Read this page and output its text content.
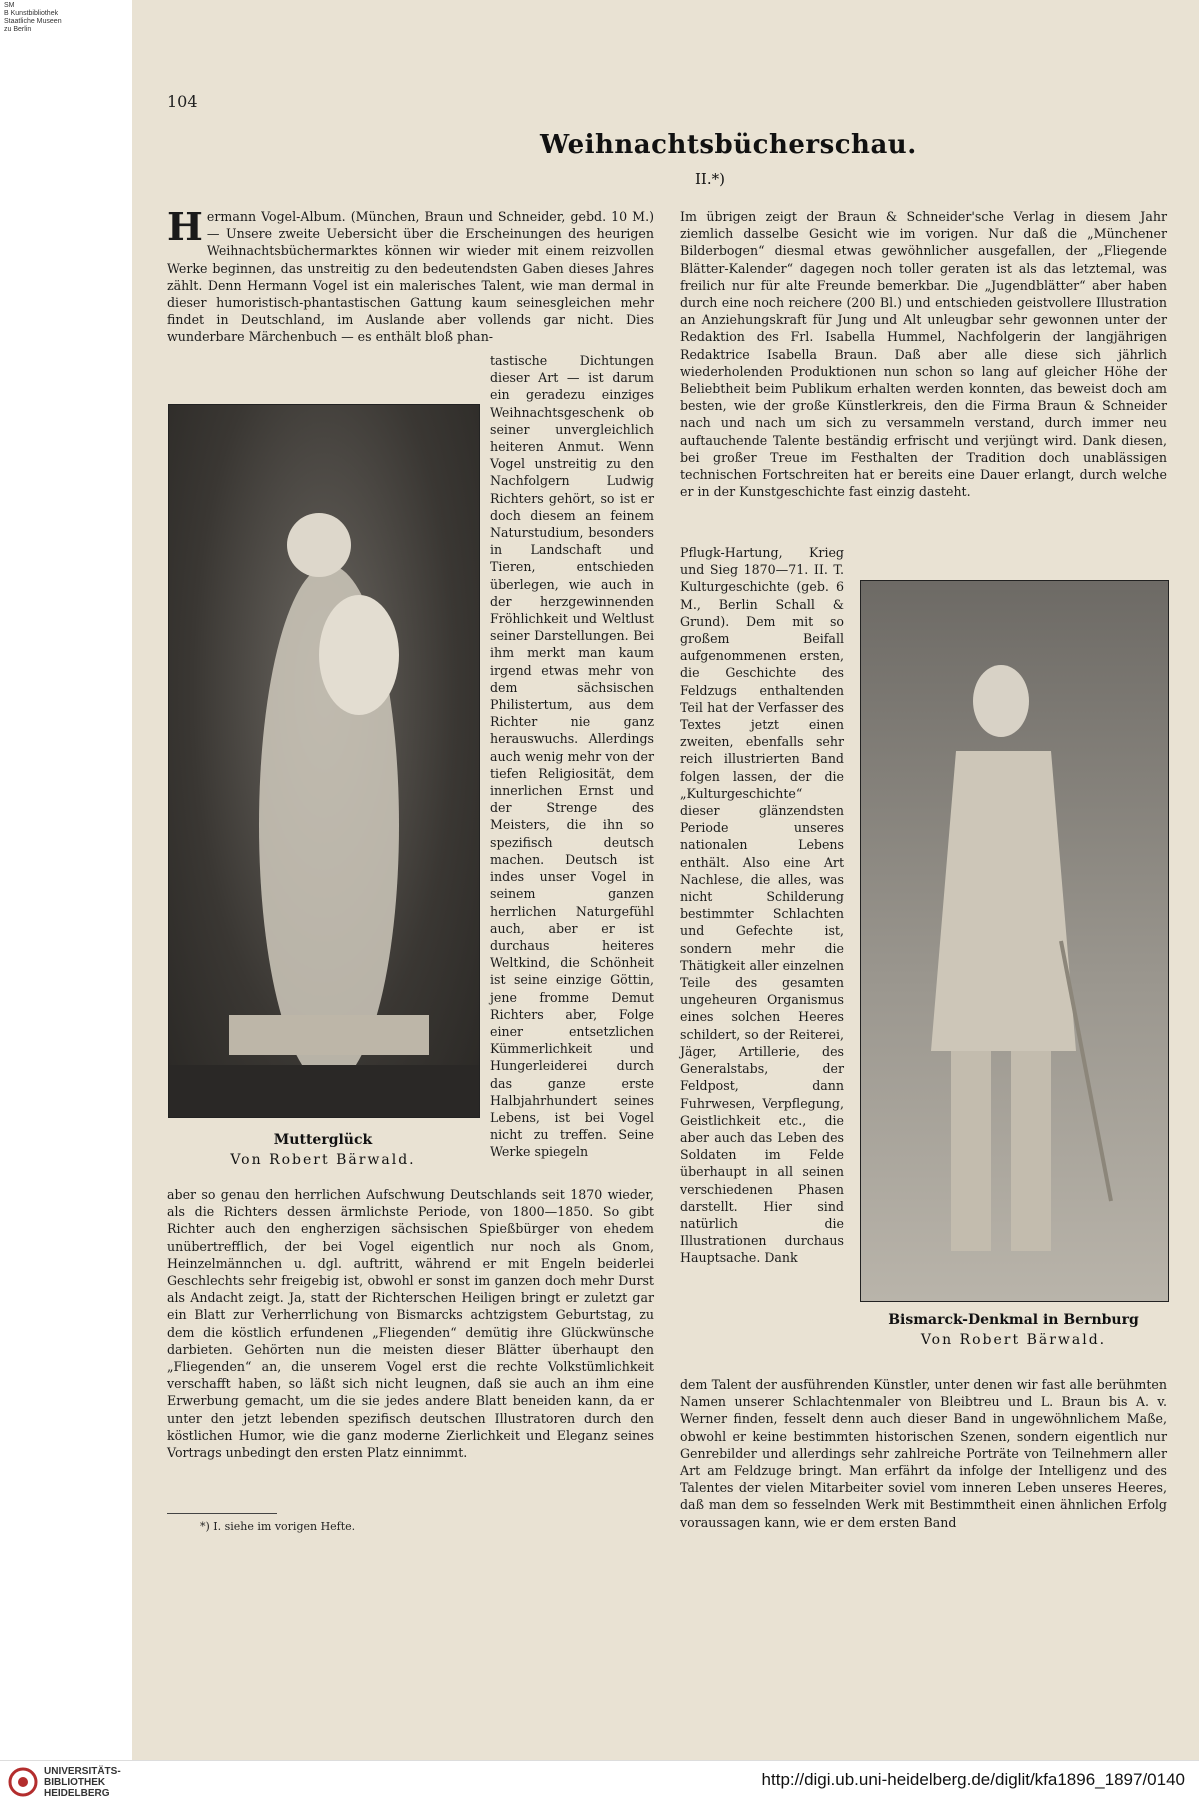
SM
B Kunstbibliothek
Staatliche Museen
zu Berlin
104
Weihnachtsbücherschau.
II.*)

Hermann Vogel-Album. (München, Braun und Schneider, gebd. 10 M.) — Unsere zweite Uebersicht über die Erscheinungen des heurigen Weihnachtsbüchermarktes können wir wieder mit einem reizvollen Werke beginnen, das unstreitig zu den bedeutendsten Gaben dieses Jahres zählt. Denn Hermann Vogel ist ein malerisches Talent, wie man dermal in dieser humoristisch-phantastischen Gattung kaum seinesgleichen mehr findet in Deutschland, im Auslande aber vollends gar nicht. Dies wunderbare Märchenbuch — es enthält bloß phan-

Mutterglück

Von Robert Bärwald.

tastische Dichtungen dieser Art — ist darum ein geradezu einziges Weihnachtsgeschenk ob seiner unvergleichlich heiteren Anmut. Wenn Vogel unstreitig zu den Nachfolgern Ludwig Richters gehört, so ist er doch diesem an feinem Naturstudium, besonders in Landschaft und Tieren, entschieden überlegen, wie auch in der herzgewinnenden Fröhlichkeit und Weltlust seiner Darstellungen. Bei ihm merkt man kaum irgend etwas mehr von dem sächsischen Philistertum, aus dem Richter nie ganz herauswuchs. Allerdings auch wenig mehr von der tiefen Religiosität, dem innerlichen Ernst und der Strenge des Meisters, die ihn so spezifisch deutsch machen. Deutsch ist indes unser Vogel in seinem ganzen herrlichen Naturgefühl auch, aber er ist durchaus heiteres Weltkind, die Schönheit ist seine einzige Göttin, jene fromme Demut Richters aber, Folge einer entsetzlichen Kümmerlichkeit und Hungerleiderei durch das ganze erste Halbjahrhundert seines Lebens, ist bei Vogel nicht zu treffen. Seine Werke spiegeln

aber so genau den herrlichen Aufschwung Deutschlands seit 1870 wieder, als die Richters dessen ärmlichste Periode, von 1800—1850. So gibt Richter auch den engherzigen sächsischen Spießbürger von ehedem unübertrefflich, der bei Vogel eigentlich nur noch als Gnom, Heinzelmännchen u. dgl. auftritt, während er mit Engeln beiderlei Geschlechts sehr freigebig ist, obwohl er sonst im ganzen doch mehr Durst als Andacht zeigt. Ja, statt der Richterschen Heiligen bringt er zuletzt gar ein Blatt zur Verherrlichung von Bismarcks achtzigstem Geburtstag, zu dem die köstlich erfundenen „Fliegenden“ demütig ihre Glückwünsche darbieten. Gehörten nun die meisten dieser Blätter überhaupt den „Fliegenden“ an, die unserem Vogel erst die rechte Volkstümlichkeit verschafft haben, so läßt sich nicht leugnen, daß sie auch an ihm eine Erwerbung gemacht, um die sie jedes andere Blatt beneiden kann, da er unter den jetzt lebenden spezifisch deutschen Illustratoren durch den köstlichen Humor, wie die ganz moderne Zierlichkeit und Eleganz seines Vortrags unbedingt den ersten Platz einnimmt.

*) I. siehe im vorigen Hefte.

Im übrigen zeigt der Braun & Schneider'sche Verlag in diesem Jahr ziemlich dasselbe Gesicht wie im vorigen. Nur daß die „Münchener Bilderbogen“ diesmal etwas gewöhnlicher ausgefallen, der „Fliegende Blätter-Kalender“ dagegen noch toller geraten ist als das letztemal, was freilich nur für alte Freunde bemerkbar. Die „Jugendblätter“ aber haben durch eine noch reichere (200 Bl.) und entschieden geistvollere Illustration an Anziehungskraft für Jung und Alt unleugbar sehr gewonnen unter der Redaktion des Frl. Isabella Hummel, Nachfolgerin der langjährigen Redaktrice Isabella Braun. Daß aber alle diese sich jährlich wiederholenden Produktionen nun schon so lang auf gleicher Höhe der Beliebtheit beim Publikum erhalten werden konnten, das beweist doch am besten, wie der große Künstlerkreis, den die Firma Braun & Schneider nach und nach um sich zu versammeln verstand, durch immer neu auftauchende Talente beständig erfrischt und verjüngt wird. Dank diesen, bei großer Treue im Festhalten der Tradition doch unablässigen technischen Fortschreiten hat er bereits eine Dauer erlangt, durch welche er in der Kunstgeschichte fast einzig dasteht.

Pflugk-Hartung, Krieg und Sieg 1870—71. II. T. Kulturgeschichte (geb. 6 M., Berlin Schall & Grund). Dem mit so großem Beifall aufgenommenen ersten, die Geschichte des Feldzugs enthaltenden Teil hat der Verfasser des Textes jetzt einen zweiten, ebenfalls sehr reich illustrierten Band folgen lassen, der die „Kulturgeschichte“ dieser glänzendsten Periode unseres nationalen Lebens enthält. Also eine Art Nachlese, die alles, was nicht Schilderung bestimmter Schlachten und Gefechte ist, sondern mehr die Thätigkeit aller einzelnen Teile des gesamten ungeheuren Organismus eines solchen Heeres schildert, so der Reiterei, Jäger, Artillerie, des Generalstabs, der Feldpost, dann Fuhrwesen, Verpflegung, Geistlichkeit etc., die aber auch das Leben des Soldaten im Felde überhaupt in all seinen verschiedenen Phasen darstellt. Hier sind natürlich die Illustrationen durchaus Hauptsache. Dank

Bismarck-Denkmal in Bernburg

Von Robert Bärwald.

dem Talent der ausführenden Künstler, unter denen wir fast alle berühmten Namen unserer Schlachtenmaler von Bleibtreu und L. Braun bis A. v. Werner finden, fesselt denn auch dieser Band in ungewöhnlichem Maße, obwohl er keine bestimmten historischen Szenen, sondern eigentlich nur Genrebilder und allerdings sehr zahlreiche Porträte von Teilnehmern aller Art am Feldzuge bringt. Man erfährt da infolge der Intelligenz und des Talentes der vielen Mitarbeiter soviel vom inneren Leben unseres Heeres, daß man dem so fesselnden Werk mit Bestimmtheit einen ähnlichen Erfolg voraussagen kann, wie er dem ersten Band

UNIVERSITÄTS-
BIBLIOTHEK
HEIDELBERG
http://digi.ub.uni-heidelberg.de/diglit/kfa1896_1897/0140
